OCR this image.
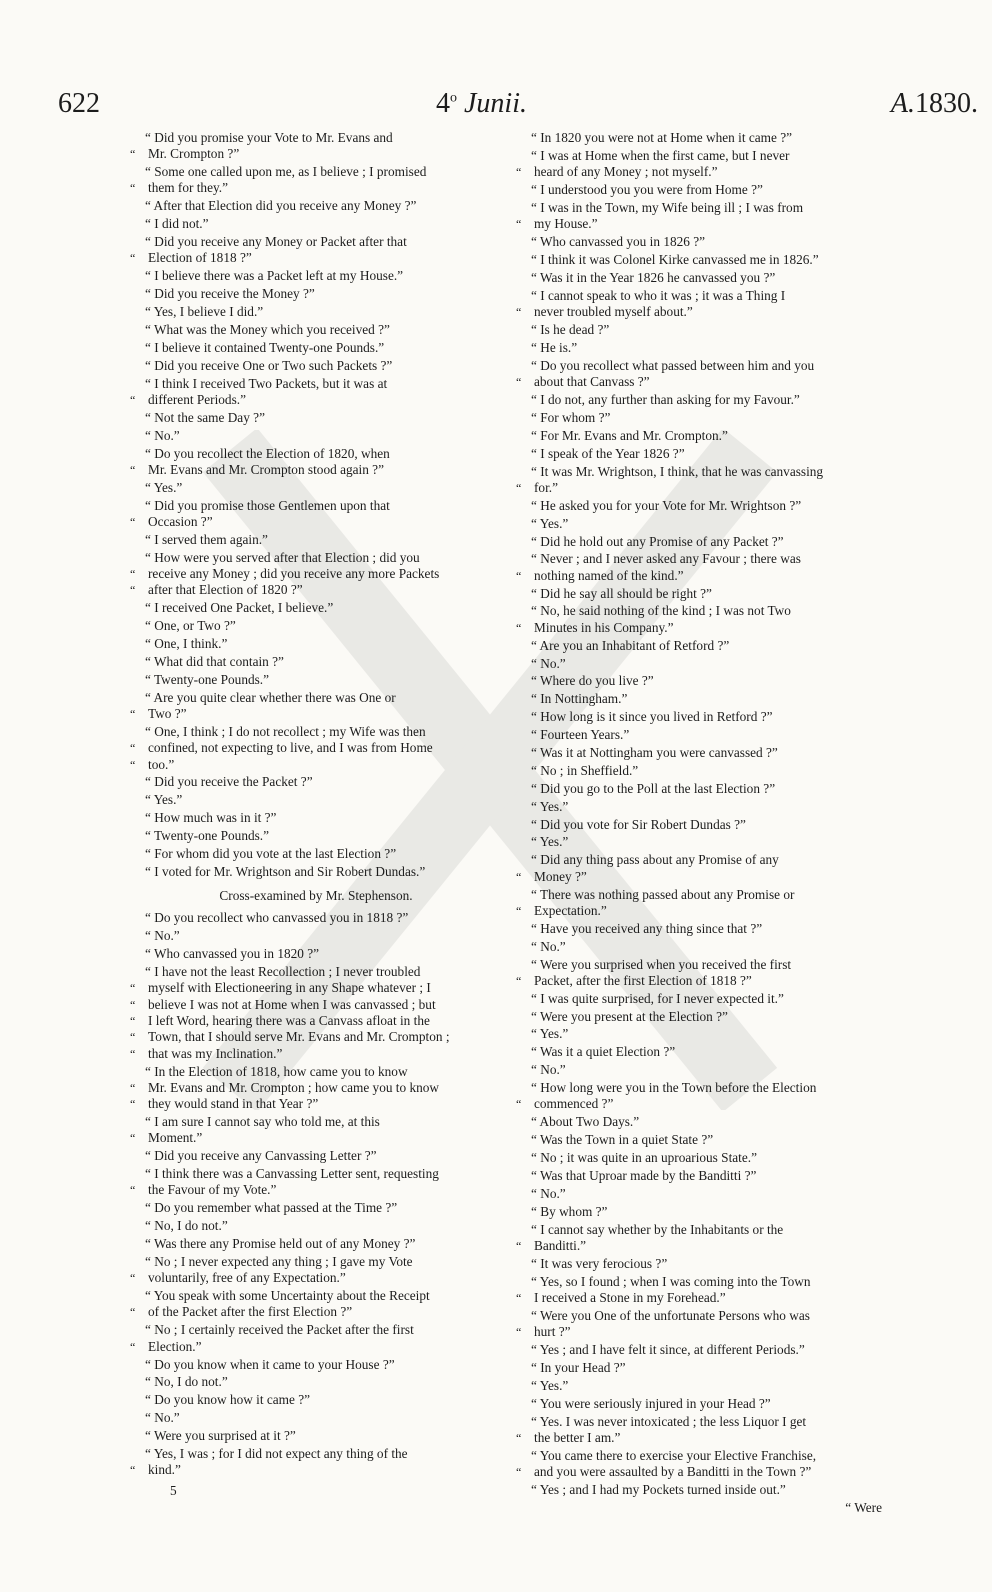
622	4$^o$ Junii.	A.1830.
“ Did you promise your Vote to Mr. Evans and
“ Mr. Crompton ?”
“ Some one called upon me, as I believe ; I promised
“ them for they.”
“ After that Election did you receive any Money ?”
“ I did not.”
“ Did you receive any Money or Packet after that
“ Election of 1818 ?”
“ I believe there was a Packet left at my House.”
“ Did you receive the Money ?”
“ Yes, I believe I did.”
“ What was the Money which you received ?”
“ I believe it contained Twenty-one Pounds.”
“ Did you receive One or Two such Packets ?”
“ I think I received Two Packets, but it was at
“ different Periods.”
“ Not the same Day ?”
“ No.”
“ Do you recollect the Election of 1820, when
“ Mr. Evans and Mr. Crompton stood again ?”
“ Yes.”
“ Did you promise those Gentlemen upon that
“ Occasion ?”
“ I served them again.”
“ How were you served after that Election ; did you
“ receive any Money ; did you receive any more Packets
“ after that Election of 1820 ?”
“ I received One Packet, I believe.”
“ One, or Two ?”
“ One, I think.”
“ What did that contain ?”
“ Twenty-one Pounds.”
“ Are you quite clear whether there was One or
“ Two ?”
“ One, I think ; I do not recollect ; my Wife was then
“ confined, not expecting to live, and I was from Home
“ too.”
“ Did you receive the Packet ?”
“ Yes.”
“ How much was in it ?”
“ Twenty-one Pounds.”
“ For whom did you vote at the last Election ?”
“ I voted for Mr. Wrightson and Sir Robert Dundas.”
Cross-examined by Mr. Stephenson.
“ Do you recollect who canvassed you in 1818 ?”
“ No.”
“ Who canvassed you in 1820 ?”
“ I have not the least Recollection ; I never troubled
“ myself with Electioneering in any Shape whatever ; I
“ believe I was not at Home when I was canvassed ; but
“ I left Word, hearing there was a Canvass afloat in the
“ Town, that I should serve Mr. Evans and Mr. Crompton ;
“ that was my Inclination.”
“ In the Election of 1818, how came you to know
“ Mr. Evans and Mr. Crompton ; how came you to know
“ they would stand in that Year ?”
“ I am sure I cannot say who told me, at this
“ Moment.”
“ Did you receive any Canvassing Letter ?”
“ I think there was a Canvassing Letter sent, requesting
“ the Favour of my Vote.”
“ Do you remember what passed at the Time ?”
“ No, I do not.”
“ Was there any Promise held out of any Money ?”
“ No ; I never expected any thing ; I gave my Vote
“ voluntarily, free of any Expectation.”
“ You speak with some Uncertainty about the Receipt
“ of the Packet after the first Election ?”
“ No ; I certainly received the Packet after the first
“ Election.”
“ Do you know when it came to your House ?”
“ No, I do not.”
“ Do you know how it came ?”
“ No.”
“ Were you surprised at it ?”
“ Yes, I was ; for I did not expect any thing of the
“ kind.”
5
“ In 1820 you were not at Home when it came ?”
“ I was at Home when the first came, but I never
“ heard of any Money ; not myself.”
“ I understood you you were from Home ?”
“ I was in the Town, my Wife being ill ; I was from
“ my House.”
“ Who canvassed you in 1826 ?”
“ I think it was Colonel Kirke canvassed me in 1826.”
“ Was it in the Year 1826 he canvassed you ?”
“ I cannot speak to who it was ; it was a Thing I
“ never troubled myself about.”
“ Is he dead ?”
“ He is.”
“ Do you recollect what passed between him and you
“ about that Canvass ?”
“ I do not, any further than asking for my Favour.”
“ For whom ?”
“ For Mr. Evans and Mr. Crompton.”
“ I speak of the Year 1826 ?”
“ It was Mr. Wrightson, I think, that he was canvassing
“ for.”
“ He asked you for your Vote for Mr. Wrightson ?”
“ Yes.”
“ Did he hold out any Promise of any Packet ?”
“ Never ; and I never asked any Favour ; there was
“ nothing named of the kind.”
“ Did he say all should be right ?”
“ No, he said nothing of the kind ; I was not Two
“ Minutes in his Company.”
“ Are you an Inhabitant of Retford ?”
“ No.”
“ Where do you live ?”
“ In Nottingham.”
“ How long is it since you lived in Retford ?”
“ Fourteen Years.”
“ Was it at Nottingham you were canvassed ?”
“ No ; in Sheffield.”
“ Did you go to the Poll at the last Election ?”
“ Yes.”
“ Did you vote for Sir Robert Dundas ?”
“ Yes.”
“ Did any thing pass about any Promise of any
“ Money ?”
“ There was nothing passed about any Promise or
“ Expectation.”
“ Have you received any thing since that ?”
“ No.”
“ Were you surprised when you received the first
“ Packet, after the first Election of 1818 ?”
“ I was quite surprised, for I never expected it.”
“ Were you present at the Election ?”
“ Yes.”
“ Was it a quiet Election ?”
“ No.”
“ How long were you in the Town before the Election
“ commenced ?”
“ About Two Days.”
“ Was the Town in a quiet State ?”
“ No ; it was quite in an uproarious State.”
“ Was that Uproar made by the Banditti ?”
“ No.”
“ By whom ?”
“ I cannot say whether by the Inhabitants or the
“ Banditti.”
“ It was very ferocious ?”
“ Yes, so I found ; when I was coming into the Town
“ I received a Stone in my Forehead.”
“ Were you One of the unfortunate Persons who was
“ hurt ?”
“ Yes ; and I have felt it since, at different Periods.”
“ In your Head ?”
“ Yes.”
“ You were seriously injured in your Head ?”
“ Yes. I was never intoxicated ; the less Liquor I get
“ the better I am.”
“ You came there to exercise your Elective Franchise,
“ and you were assaulted by a Banditti in the Town ?”
“ Yes ; and I had my Pockets turned inside out.”
“ Were
